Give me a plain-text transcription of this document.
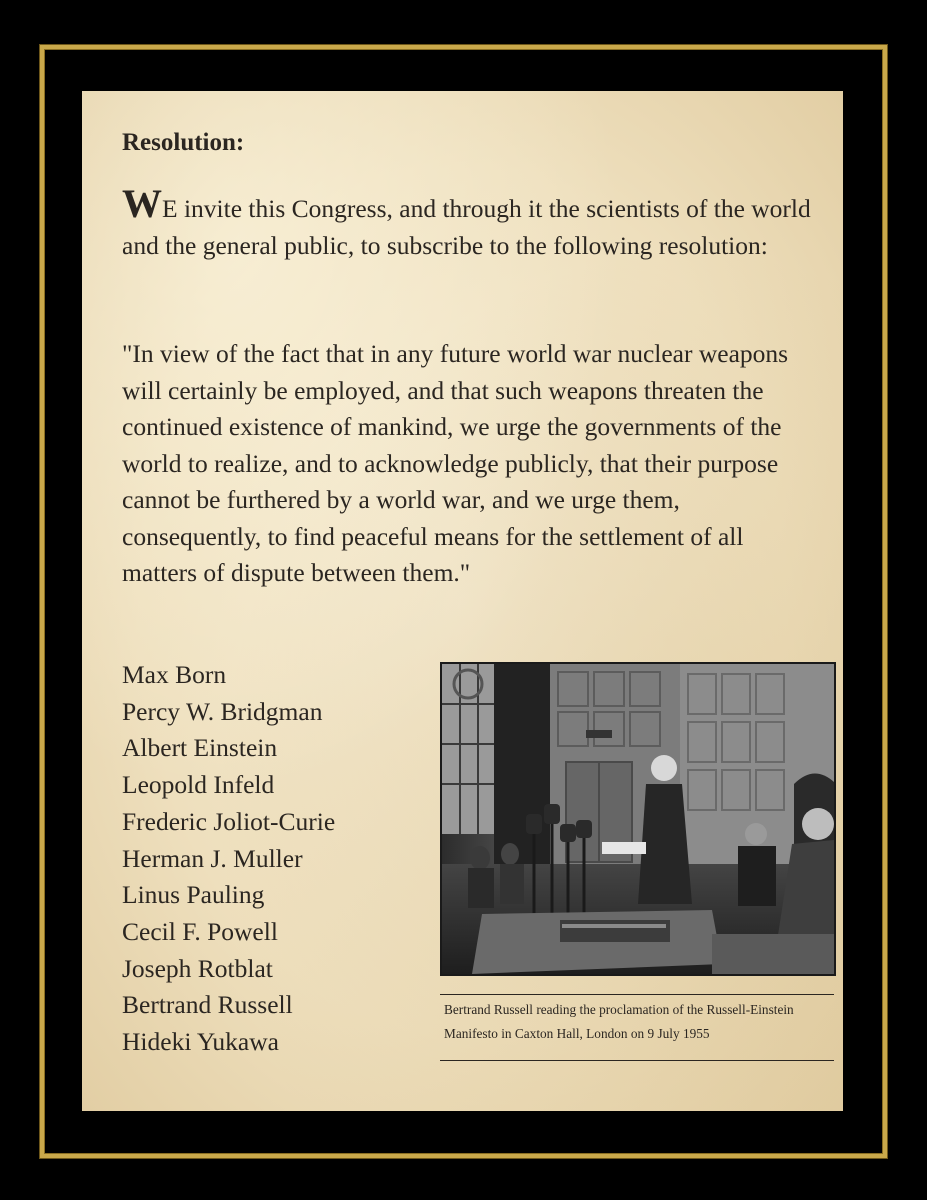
Resolution:

WE invite this Congress, and through it the scientists of the world and the general public, to subscribe to the following resolution:

"In view of the fact that in any future world war nuclear weapons will certainly be employed, and that such weapons threaten the continued existence of mankind, we urge the governments of the world to realize, and to acknowledge publicly, that their purpose cannot be furthered by a world war, and we urge them, consequently, to find peaceful means for the settlement of all matters of dispute between them."

Max Born
Percy W. Bridgman
Albert Einstein
Leopold Infeld
Frederic Joliot-Curie
Herman J. Muller
Linus Pauling
Cecil F. Powell
Joseph Rotblat
Bertrand Russell
Hideki Yukawa

Bertrand Russell reading the proclamation of the Russell-Einstein Manifesto in Caxton Hall, London on 9 July 1955
